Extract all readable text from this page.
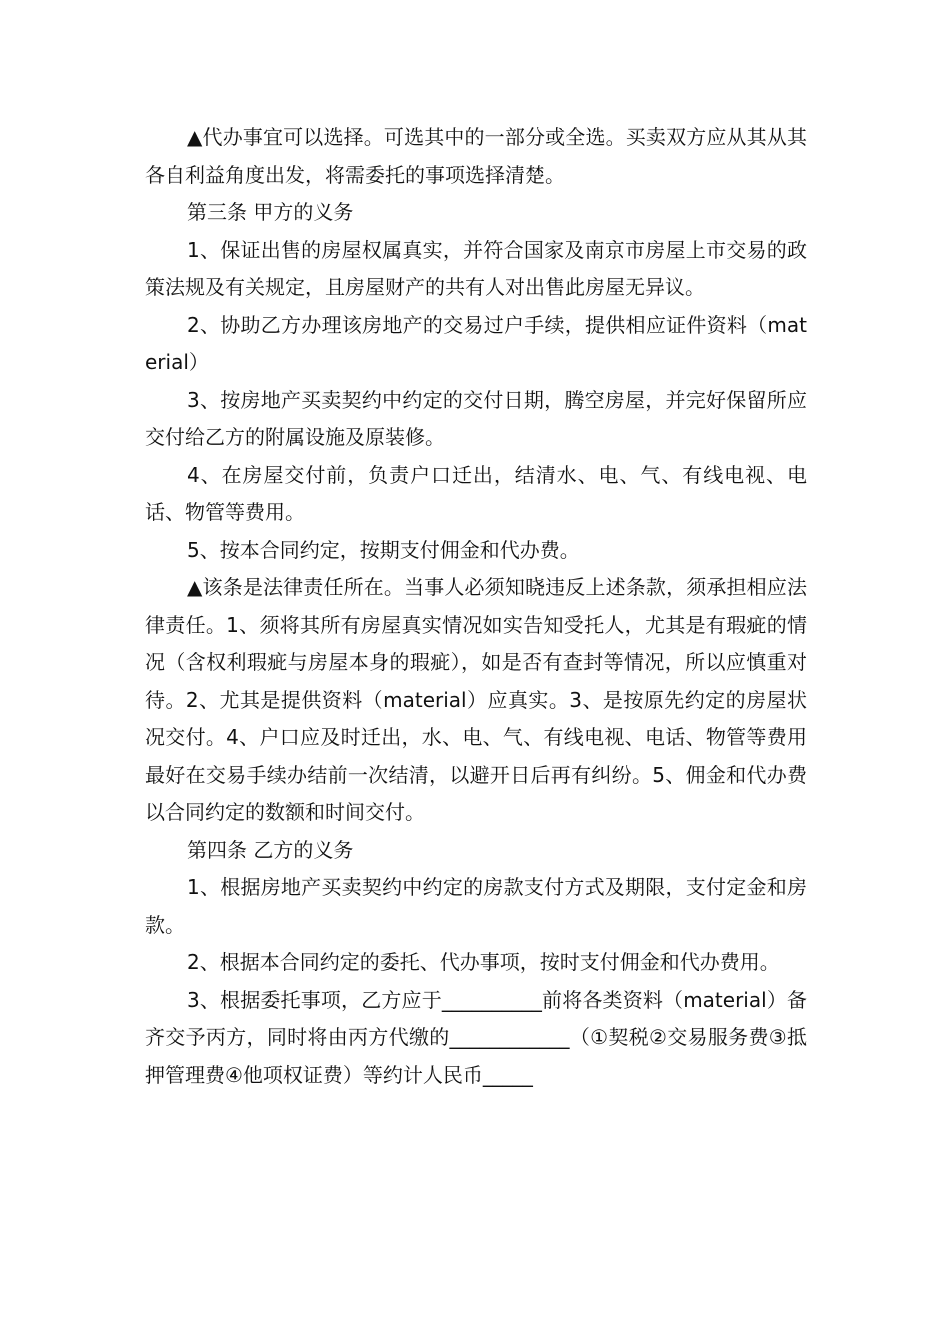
▲代办事宜可以选择。可选其中的一部分或全选。买卖双方应从其从其各自利益角度出发，将需委托的事项选择清楚。

第三条 甲方的义务

1、保证出售的房屋权属真实，并符合国家及南京市房屋上市交易的政策法规及有关规定，且房屋财产的共有人对出售此房屋无异议。

2、协助乙方办理该房地产的交易过户手续，提供相应证件资料（material）

3、按房地产买卖契约中约定的交付日期，腾空房屋，并完好保留所应交付给乙方的附属设施及原装修。

4、在房屋交付前，负责户口迁出，结清水、电、气、有线电视、电话、物管等费用。

5、按本合同约定，按期支付佣金和代办费。

▲该条是法律责任所在。当事人必须知晓违反上述条款，须承担相应法律责任。1、须将其所有房屋真实情况如实告知受托人，尤其是有瑕疵的情况（含权利瑕疵与房屋本身的瑕疵），如是否有查封等情况，所以应慎重对待。2、尤其是提供资料（material）应真实。3、是按原先约定的房屋状况交付。4、户口应及时迁出，水、电、气、有线电视、电话、物管等费用最好在交易手续办结前一次结清，以避开日后再有纠纷。5、佣金和代办费以合同约定的数额和时间交付。

第四条 乙方的义务

1、根据房地产买卖契约中约定的房款支付方式及期限，支付定金和房款。

2、根据本合同约定的委托、代办事项，按时支付佣金和代办费用。

3、根据委托事项，乙方应于__________前将各类资料（material）备齐交予丙方，同时将由丙方代缴的____________（①契税②交易服务费③抵押管理费④他项权证费）等约计人民币_____
